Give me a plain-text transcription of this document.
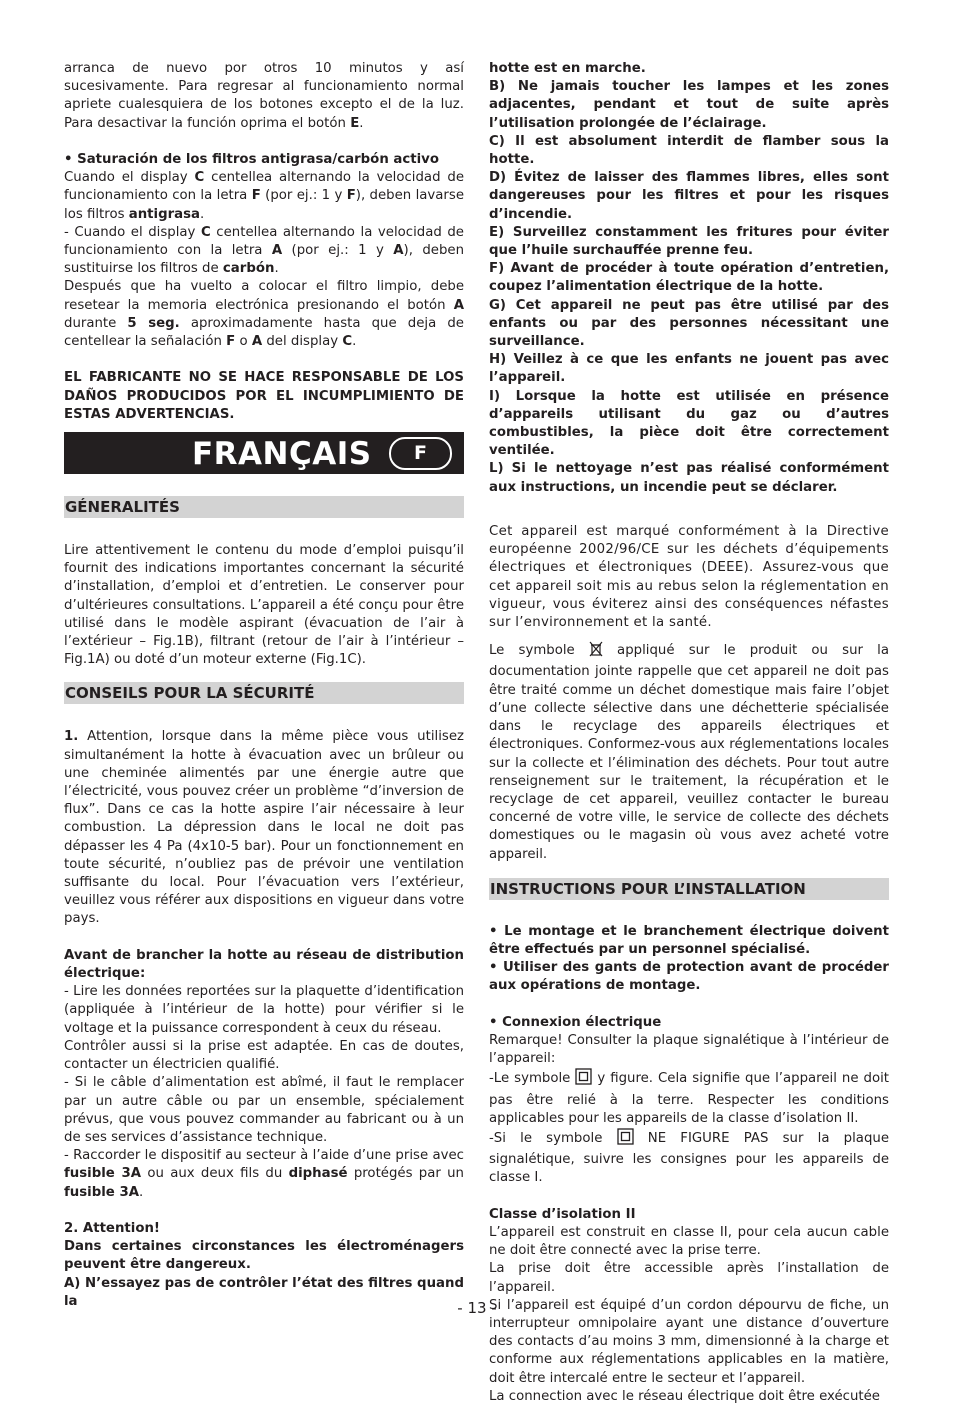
arranca de nuevo por otros 10 minutos y así sucesivamente. Para regresar al funcionamiento normal apriete cualesquiera de los botones excepto el de la luz. Para desactivar la función oprima el botón E.

• Saturación de los filtros antigrasa/carbón activo

Cuando el display C centellea alternando la velocidad de funcionamiento con la letra F (por ej.: 1 y F), deben lavarse los filtros antigrasa.

- Cuando el display C centellea alternando la velocidad de funcionamiento con la letra A (por ej.: 1 y A), deben sustituirse los filtros de carbón.

Después que ha vuelto a colocar el filtro limpio, debe resetear la memoria electrónica presionando el botón A durante 5 seg. aproximadamente hasta que deja de centellear la señalación F o A del display C.

EL FABRICANTE NO SE HACE RESPONSABLE DE LOS DAÑOS PRODUCIDOS POR EL INCUMPLIMIENTO DE ESTAS ADVERTENCIAS.

FRANÇAIS	F
GÉNERALITÉS

Lire attentivement le contenu du mode d’emploi puisqu’il fournit des indications importantes concernant la sécurité d’installation, d’emploi et d’entretien. Le conserver pour d’ultérieures consultations. L’appareil a été conçu pour être utilisé dans le modèle aspirant (évacuation de l’air à l’extérieur – Fig.1B), filtrant (retour de l’air à l’intérieur – Fig.1A) ou doté d’un moteur externe (Fig.1C).

CONSEILS POUR LA SÉCURITÉ

1. Attention, lorsque dans la même pièce vous utilisez simultanément la hotte à évacuation avec un brûleur ou une cheminée alimentés par une énergie autre que l’électricité, vous pouvez créer un problème “d’inversion de flux”. Dans ce cas la hotte aspire l’air nécessaire à leur combustion. La dépression dans le local ne doit pas dépasser les 4 Pa (4x10-5 bar). Pour un fonctionnement en toute sécurité, n’oubliez pas de prévoir une ventilation suffisante du local. Pour l’évacuation vers l’extérieur, veuillez vous référer aux dispositions en vigueur dans votre pays.

Avant de brancher la hotte au réseau de distribution électrique:

- Lire les données reportées sur la plaquette d’identification (appliquée à l’intérieur de la hotte) pour vérifier si le voltage et la puissance correspondent à ceux du réseau.

Contrôler aussi si la prise est adaptée. En cas de doutes, contacter un électricien qualifié.

- Si le câble d’alimentation est abîmé, il faut le remplacer par un autre câble ou par un ensemble, spécialement prévus, que vous pouvez commander au fabricant ou à un de ses services d’assistance technique.

- Raccorder le dispositif au secteur à l’aide d’une prise avec fusible 3A ou aux deux fils du diphasé protégés par un fusible 3A.

2. Attention!

Dans certaines circonstances les électroménagers peuvent être dangereux.

A) N’essayez pas de contrôler l’état des filtres quand la

hotte est en marche.

B) Ne jamais toucher les lampes et les zones adjacentes, pendant et tout de suite après l’utilisation prolongée de l’éclairage.

C) Il est absolument interdit de flamber sous la hotte.

D) Évitez de laisser des flammes libres, elles sont dangereuses pour les filtres et pour les risques d’incendie.

E) Surveillez constamment les fritures pour éviter que l’huile surchauffée prenne feu.

F) Avant de procéder à toute opération d’entretien, coupez l’alimentation électrique de la hotte.

G) Cet appareil ne peut pas être utilisé par des enfants ou par des personnes nécessitant une surveillance.

H) Veillez à ce que les enfants ne jouent pas avec l’appareil.

I) Lorsque la hotte est utilisée en présence d’appareils utilisant du gaz ou d’autres combustibles, la pièce doit être correctement ventilée.

L) Si le nettoyage n’est pas réalisé conformément aux instructions, un incendie peut se déclarer.

Cet appareil est marqué conformément à la Directive européenne 2002/96/CE sur les déchets d’équipements électriques et électroniques (DEEE). Assurez-vous que cet appareil soit mis au rebus selon la réglementation en vigueur, vous éviterez ainsi des conséquences néfastes sur l’environnement et la santé.

Le symbole  appliqué sur le produit ou sur la documentation jointe rappelle que cet appareil ne doit pas être traité comme un déchet domestique mais faire l’objet d’une collecte sélective dans une déchetterie spécialisée dans le recyclage des appareils électriques et électroniques. Conformez-vous aux réglementations locales sur la collecte et l’élimination des déchets. Pour tout autre renseignement sur le traitement, la récupération et le recyclage de cet appareil, veuillez contacter le bureau concerné de votre ville, le service de collecte des déchets domestiques ou le magasin où vous avez acheté votre appareil.

INSTRUCTIONS POUR L’INSTALLATION

• Le montage et le branchement électrique doivent être effectués par un personnel spécialisé.

• Utiliser des gants de protection avant de procéder aux opérations de montage.

• Connexion électrique

Remarque! Consulter la plaque signalétique à l’intérieur de l’appareil:

-Le symbole  y figure. Cela signifie que l’appareil ne doit pas être relié à la terre. Respecter les conditions applicables pour les appareils de la classe d’isolation II.

-Si le symbole  NE FIGURE PAS sur la plaque signalétique, suivre les consignes pour les appareils de classe I.

Classe d’isolation II

L’appareil est construit en classe II, pour cela aucun cable ne doit être connecté avec la prise terre.

La prise doit être accessible après l’installation de l’appareil.

Si l’appareil est équipé d’un cordon dépourvu de fiche, un interrupteur omnipolaire ayant une distance d’ouverture des contacts d’au moins 3 mm, dimensionné à la charge et conforme aux réglementations applicables en la matière, doit être intercalé entre le secteur et l’appareil.

La connection avec le réseau électrique doit être exécutée

- 13 -
